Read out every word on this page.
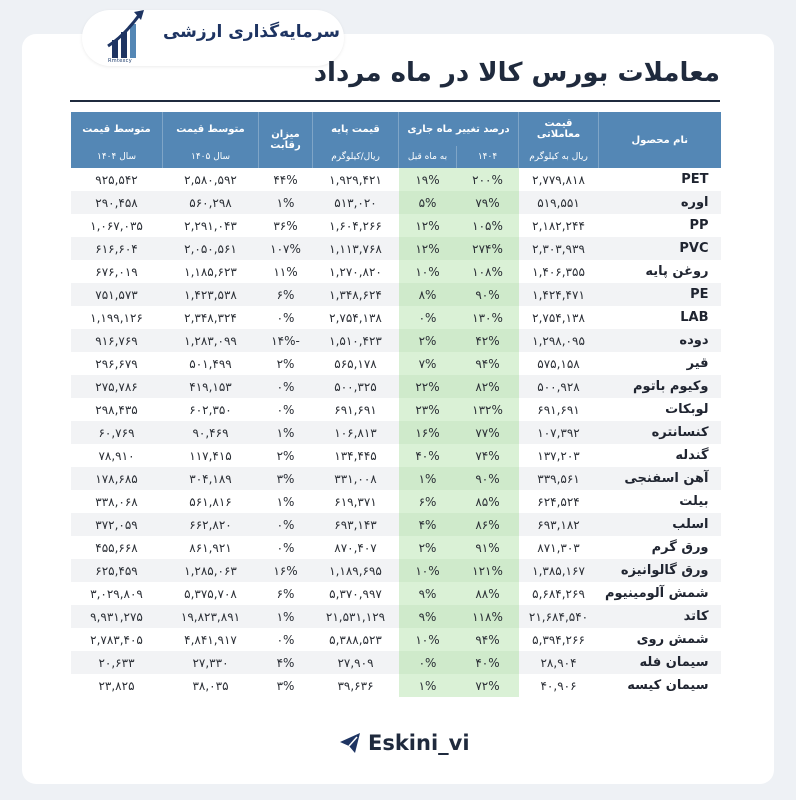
Rmtexcy
سرمایه‌گذاری ارزشی
معاملات بورس کالا در ماه مرداد
نام محصول	قیمت معاملاتی	درصد تغییر ماه جاری		قیمت پایه	میزان رقابت	متوسط قیمت	متوسط قیمت
	ریال به کیلوگرم	۱۴۰۴	به ماه قبل	ریال/کیلوگرم		سال ۱۴۰۵	سال ۱۴۰۴
PET	۲,۷۷۹,۸۱۸	۲۰۰%	۱۹%	۱,۹۲۹,۴۲۱	۴۴%	۲,۵۸۰,۵۹۲	۹۲۵,۵۴۲
اوره	۵۱۹,۵۵۱	۷۹%	۵%	۵۱۳,۰۲۰	۱%	۵۶۰,۲۹۸	۲۹۰,۴۵۸
PP	۲,۱۸۲,۲۴۴	۱۰۵%	۱۲%	۱,۶۰۴,۲۶۶	۳۶%	۲,۲۹۱,۰۴۳	۱,۰۶۷,۰۳۵
PVC	۲,۳۰۳,۹۳۹	۲۷۴%	۱۲%	۱,۱۱۳,۷۶۸	۱۰۷%	۲,۰۵۰,۵۶۱	۶۱۶,۶۰۴
روغن پایه	۱,۴۰۶,۳۵۵	۱۰۸%	۱۰%	۱,۲۷۰,۸۲۰	۱۱%	۱,۱۸۵,۶۲۳	۶۷۶,۰۱۹
PE	۱,۴۲۴,۴۷۱	۹۰%	۸%	۱,۳۴۸,۶۲۴	۶%	۱,۴۲۳,۵۳۸	۷۵۱,۵۷۳
LAB	۲,۷۵۴,۱۳۸	۱۳۰%	۰%	۲,۷۵۴,۱۳۸	۰%	۲,۳۴۸,۳۲۴	۱,۱۹۹,۱۲۶
دوده	۱,۲۹۸,۰۹۵	۴۲%	۲%	۱,۵۱۰,۴۲۳	-۱۴%	۱,۲۸۳,۰۹۹	۹۱۶,۷۶۹
قیر	۵۷۵,۱۵۸	۹۴%	۷%	۵۶۵,۱۷۸	۲%	۵۰۱,۴۹۹	۲۹۶,۶۷۹
وکیوم باتوم	۵۰۰,۹۲۸	۸۲%	۲۲%	۵۰۰,۳۲۵	۰%	۴۱۹,۱۵۳	۲۷۵,۷۸۶
لوبکات	۶۹۱,۶۹۱	۱۳۲%	۲۳%	۶۹۱,۶۹۱	۰%	۶۰۲,۳۵۰	۲۹۸,۴۳۵
کنسانتره	۱۰۷,۳۹۲	۷۷%	۱۶%	۱۰۶,۸۱۳	۱%	۹۰,۴۶۹	۶۰,۷۶۹
گندله	۱۳۷,۲۰۳	۷۴%	۴۰%	۱۳۴,۴۴۵	۲%	۱۱۷,۴۱۵	۷۸,۹۱۰
آهن اسفنجی	۳۳۹,۵۶۱	۹۰%	۱%	۳۳۱,۰۰۸	۳%	۳۰۴,۱۸۹	۱۷۸,۶۸۵
بیلت	۶۲۴,۵۲۴	۸۵%	۶%	۶۱۹,۳۷۱	۱%	۵۶۱,۸۱۶	۳۳۸,۰۶۸
اسلب	۶۹۳,۱۸۲	۸۶%	۴%	۶۹۳,۱۴۳	۰%	۶۶۲,۸۲۰	۳۷۲,۰۵۹
ورق گرم	۸۷۱,۳۰۳	۹۱%	۲%	۸۷۰,۴۰۷	۰%	۸۶۱,۹۲۱	۴۵۵,۶۶۸
ورق گالوانیزه	۱,۳۸۵,۱۶۷	۱۲۱%	۱۰%	۱,۱۸۹,۶۹۵	۱۶%	۱,۲۸۵,۰۶۳	۶۲۵,۴۵۹
شمش آلومینیوم	۵,۶۸۴,۲۶۹	۸۸%	۹%	۵,۳۷۰,۹۹۷	۶%	۵,۳۷۵,۷۰۸	۳,۰۲۹,۸۰۹
کاتد	۲۱,۶۸۴,۵۴۰	۱۱۸%	۹%	۲۱,۵۳۱,۱۲۹	۱%	۱۹,۸۲۳,۸۹۱	۹,۹۳۱,۲۷۵
شمش روی	۵,۳۹۴,۲۶۶	۹۴%	۱۰%	۵,۳۸۸,۵۲۳	۰%	۴,۸۴۱,۹۱۷	۲,۷۸۳,۴۰۵
سیمان فله	۲۸,۹۰۴	۴۰%	۰%	۲۷,۹۰۹	۴%	۲۷,۳۳۰	۲۰,۶۳۳
سیمان کیسه	۴۰,۹۰۶	۷۲%	۱%	۳۹,۶۳۶	۳%	۳۸,۰۳۵	۲۳,۸۲۵
Eskini_vi
